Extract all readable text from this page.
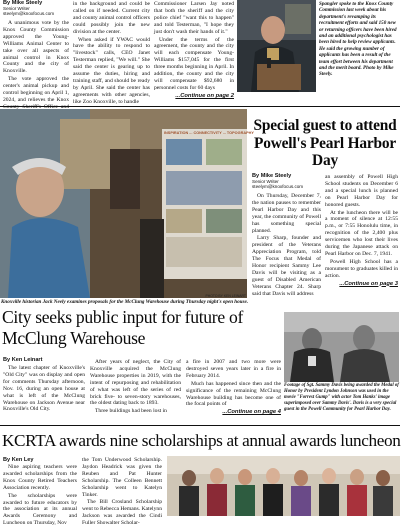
By Mike Steely
Senior Writer
steelym@knoxfocus.com

A unanimous vote by the Knox County Commission approved the Young-Williams Animal Center to take over all aspects of animal control in Knox County and the city of Knoxville.

The vote approved the center's animal pickup and control beginning on April 1, 2024, and relieves the Knox

in the background and could be called on if needed. Current city and county animal control officers could possibly join the new division at the center.

When asked if YWAC would have the ability to respond to "livestock" calls, CEO Janet Testerman replied, "We will." She said the center is gearing up to assume the duties, hiring and training staff, and should be ready by April. She said the center has agreements with other agencies, like Zoo Knoxville, to handle

Commissioner Larsen Jay noted that both the sheriff and the city police chief "want this to happen" and told Testerman, "I hope they just don't wash their hands of it."

Under the terms of the agreement, the county and the city will each compensate Young-Williams $157,045 for the first three months beginning in April. In addition, the county and the city will compensate $92,680 in personnel costs for 60 days

...Continue on page 2
Spangler spoke to the Knox County Commission last week about his department's revamping its recruitment efforts and said 150 new or returning officers have been hired and an additional psychologist has been hired to help review applicants. He said the growing number of applicants has been a result of the team effort between his department and the merit board. Photo by Mike Steely.
INSPIRATION ... CONNECTIVITY ... TOPOGRAPHY
Knoxville historian Jack Neely examines proposals for the McClung Warehouse during Thursday night's open house.
PHOTO BY KEN LEINART
Special guest to attend Powell's Pearl Harbor Day
By Mike Steely
Senior Writer
steelym@knoxfocus.com

On Thursday, December 7, the nation pauses to remember Pearl Harbor Day and this year, the community of Powell has something special planned.

Larry Sharp, founder and president of the Veterans Appreciation Program, told The Focus that Medal of Honor recipient Sammy Lee Davis will be visiting as a guest of Disabled American Veterans Chapter 24. Sharp said that Davis will address

an assembly of Powell High School students on December 6 and a special lunch is planned on Pearl Harbor Day for honored guests.

At the luncheon there will be a moment of silence at 12:55 p.m., or 7:55 Honolulu time, in recognition of the 2,400 plus servicemen who lost their lives during the Japanese attack on Pearl Harbor on Dec. 7, 1941.

Powell High School has a monument to graduates killed in action.

...Continue on page 3
Footage of Sgt. Sammy Davis being awarded the Medal of Honor by President Lyndon Johnson was used in the movie "Forrest Gump" with actor Tom Hanks' image superimposed over Sammy Davis'. Davis is a very special guest in the Powell Community for Pearl Harbor Day.
City seeks public input for future of McClung Warehouse
By Ken Leinart

The latest chapter of Knoxville's "Old City" was on display and open for comments Thursday afternoon, Nov. 16, during an open house at what is left of the McClung Warehouse on Jackson Avenue near Knoxville's Old City.

After years of neglect, the City of Knoxville acquired the McClung Warehouse properties in 2019, with the intent of repurposing and rehabilitation of what was left of the series of red brick five- to seven-story warehouses, the oldest dating back to 1893.

Three buildings had been lost in

a fire in 2007 and two more were destroyed seven years later in a fire in February 2014.

Much has happened since then and the significance of the remaining McClung Warehouse building has become one of the focal points of

...Continue on page 4
KCRTA awards nine scholarships at annual awards luncheon
By Ken Ley

Nine aspiring teachers were awarded scholarships from the Knox County Retired Teachers Association recently.

The scholarships were awarded to future educators by the association at its annual Awards Ceremony and Luncheon on Thursday, Nov

the Tom Underwood Scholarship. Jaydon Headrick was given the Reuben and Pat Hunter Scholarship. The Colleen Bennett Scholarship went to Katelyn Tinker.

The Bill Crosland Scholarship went to Rebecca Hemans. Katelynn Jackson was awarded the Cindi Fuller Showalter Scholar-
